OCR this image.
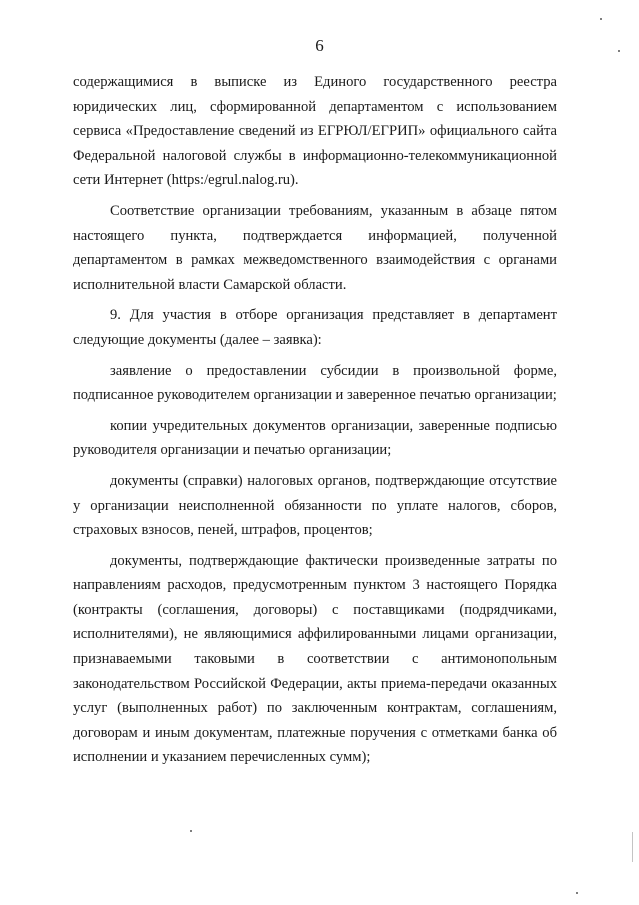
6

содержащимися в выписке из Единого государственного реестра юридических лиц, сформированной департаментом с использованием сервиса «Предоставление сведений из ЕГРЮЛ/ЕГРИП» официального сайта Федеральной налоговой службы в информационно-телекоммуникационной сети Интернет (https:/egrul.nalog.ru).

Соответствие организации требованиям, указанным в абзаце пятом настоящего пункта, подтверждается информацией, полученной департаментом в рамках межведомственного взаимодействия с органами исполнительной власти Самарской области.

9. Для участия в отборе организация представляет в департамент следующие документы (далее – заявка):

заявление о предоставлении субсидии в произвольной форме, подписанное руководителем организации и заверенное печатью организации;

копии учредительных документов организации, заверенные подписью руководителя организации и печатью организации;

документы (справки) налоговых органов, подтверждающие отсутствие у организации неисполненной обязанности по уплате налогов, сборов, страховых взносов, пеней, штрафов, процентов;

документы, подтверждающие фактически произведенные затраты по направлениям расходов, предусмотренным пунктом 3 настоящего Порядка (контракты (соглашения, договоры) с поставщиками (подрядчиками, исполнителями), не являющимися аффилированными лицами организации, признаваемыми таковыми в соответствии с антимонопольным законодательством Российской Федерации, акты приема-передачи оказанных услуг (выполненных работ) по заключенным контрактам, соглашениям, договорам и иным документам, платежные поручения с отметками банка об исполнении и указанием перечисленных сумм);
